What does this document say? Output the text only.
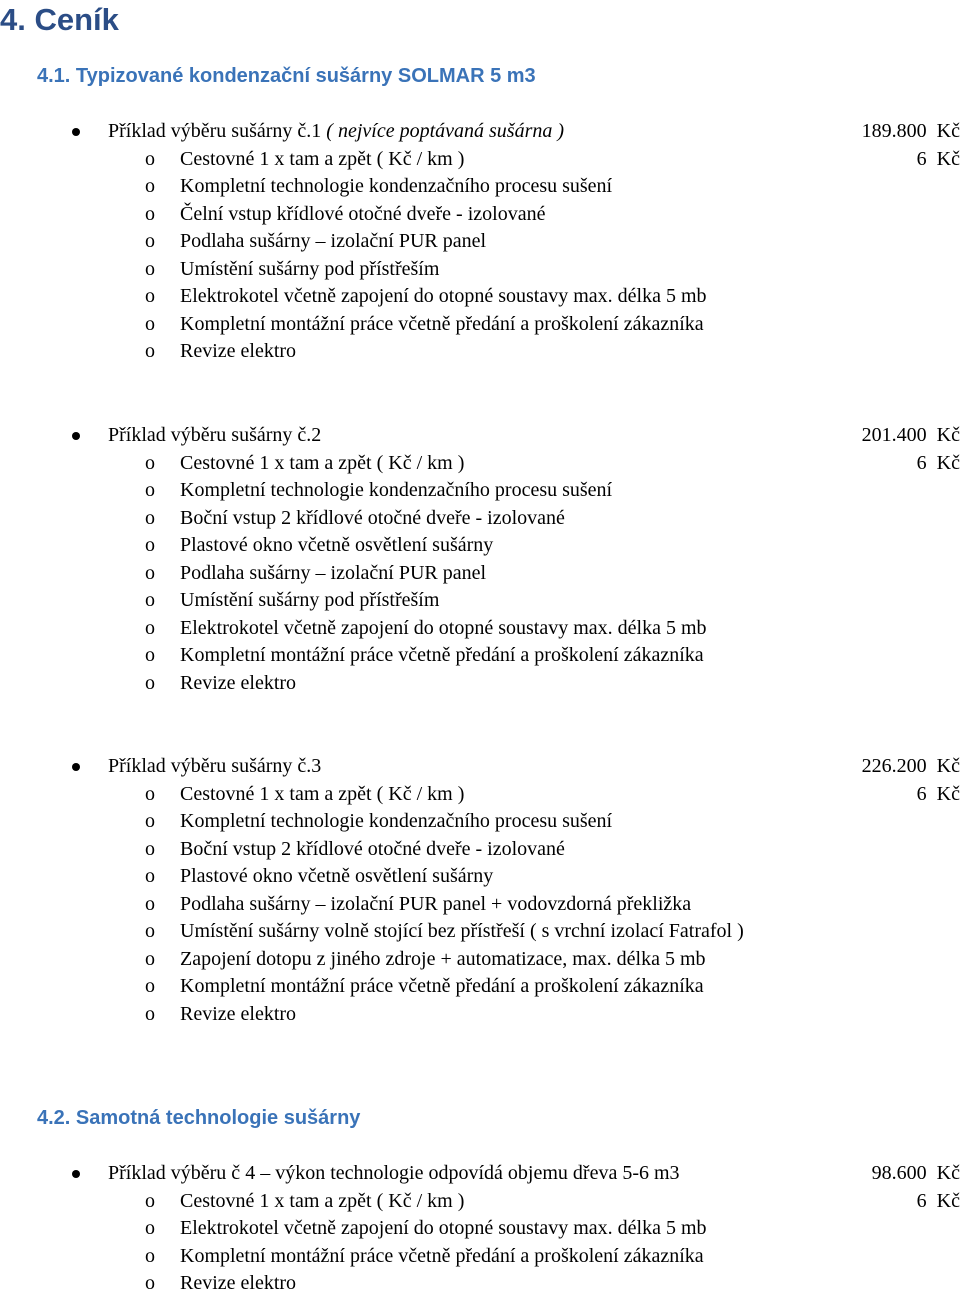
4. Ceník
4.1. Typizované kondenzační sušárny SOLMAR 5 m3
Příklad výběru sušárny č.1 ( nejvíce poptávaná sušárna )	189.800 Kč
o Cestovné 1 x tam a zpět ( Kč / km )	6 Kč
o Kompletní technologie kondenzačního procesu sušení
o Čelní vstup křídlové otočné dveře - izolované
o Podlaha sušárny – izolační PUR panel
o Umístění sušárny pod přístřeším
o Elektrokotel včetně zapojení do otopné soustavy max. délka 5 mb
o Kompletní montážní práce včetně předání a proškolení zákazníka
o Revize elektro
Příklad výběru sušárny č.2	201.400 Kč
o Cestovné 1 x tam a zpět ( Kč / km )	6 Kč
o Kompletní technologie kondenzačního procesu sušení
o Boční vstup 2 křídlové otočné dveře - izolované
o Plastové okno včetně osvětlení sušárny
o Podlaha sušárny – izolační PUR panel
o Umístění sušárny pod přístřeším
o Elektrokotel včetně zapojení do otopné soustavy max. délka 5 mb
o Kompletní montážní práce včetně předání a proškolení zákazníka
o Revize elektro
Příklad výběru sušárny č.3	226.200 Kč
o Cestovné 1 x tam a zpět ( Kč / km )	6 Kč
o Kompletní technologie kondenzačního procesu sušení
o Boční vstup 2 křídlové otočné dveře - izolované
o Plastové okno včetně osvětlení sušárny
o Podlaha sušárny – izolační PUR panel + vodovzdorná překližka
o Umístění sušárny volně stojící bez přístřeší ( s vrchní izolací Fatrafol )
o Zapojení dotopu z jiného zdroje + automatizace, max. délka 5 mb
o Kompletní montážní práce včetně předání a proškolení zákazníka
o Revize elektro
4.2. Samotná technologie sušárny
Příklad výběru č 4 – výkon technologie odpovídá objemu dřeva 5-6 m3	98.600 Kč
o Cestovné 1 x tam a zpět ( Kč / km )	6 Kč
o Elektrokotel včetně zapojení do otopné soustavy max. délka 5 mb
o Kompletní montážní práce včetně předání a proškolení zákazníka
o Revize elektro
